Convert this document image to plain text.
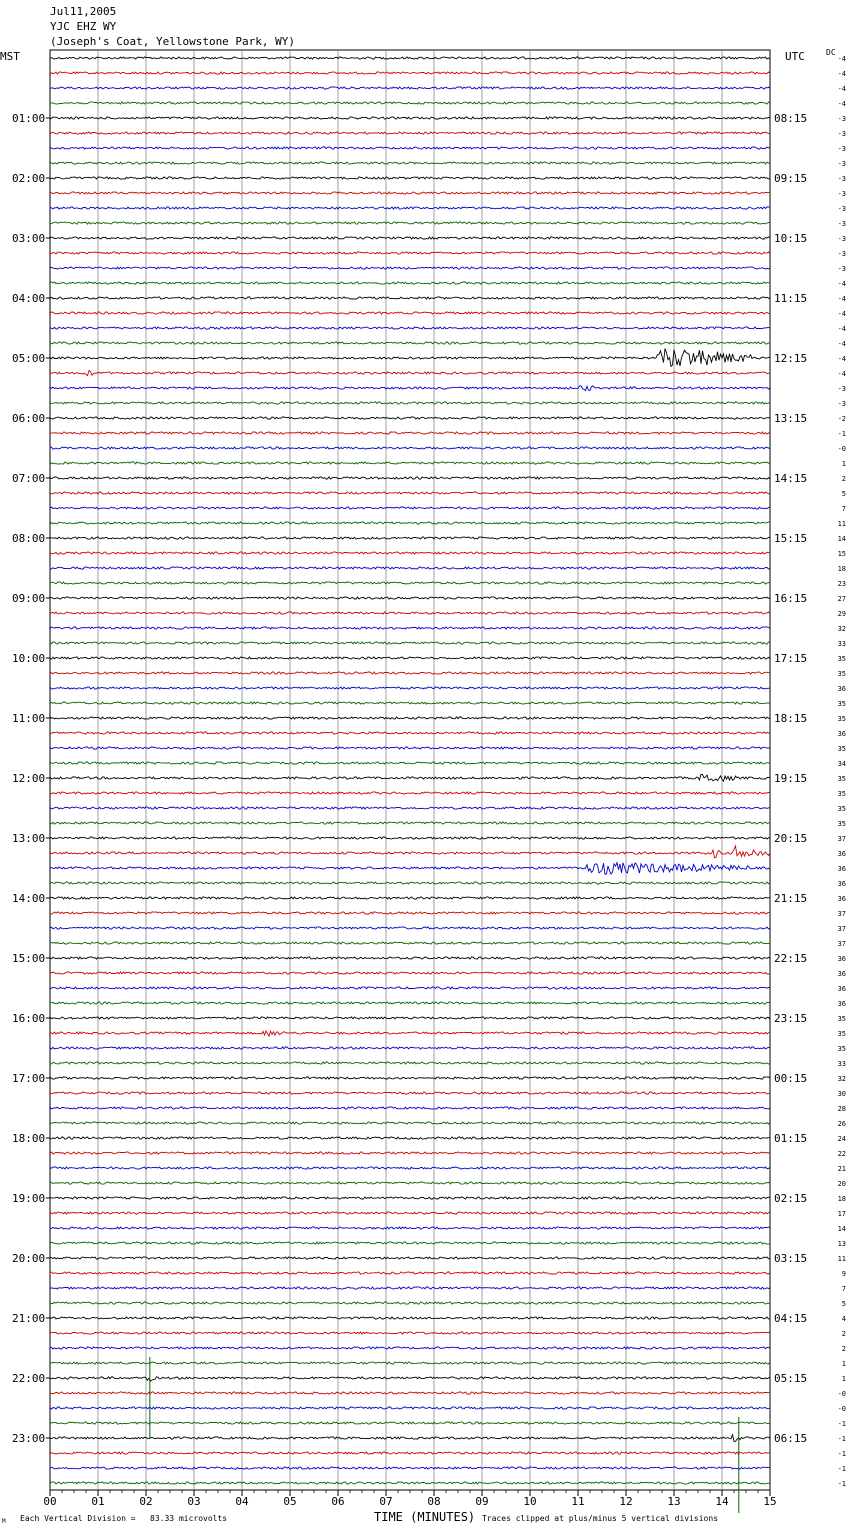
Jul11,2005
YJC EHZ WY
(Joseph's Coat, Yellowstone Park, WY)
MST	UTC	DC
01:00
02:00
03:00
04:00
05:00
06:00
07:00
08:00
09:00
10:00
11:00
12:00
13:00
14:00
15:00
16:00
17:00
18:00
19:00
20:00
21:00
22:00
23:00
08:15
09:15
10:15
11:15
12:15
13:15
14:15
15:15
16:15
17:15
18:15
19:15
20:15
21:15
22:15
23:15
00:15
01:15
02:15
03:15
04:15
05:15
06:15
-4
-4
-4
-4
-3
-3
-3
-3
-3
-3
-3
-3
-3
-3
-3
-4
-4
-4
-4
-4
-4
-4
-3
-3
-2
-1
-0
1
2
5
7
11
14
15
18
23
27
29
32
33
35
35
36
35
35
36
35
34
35
35
35
35
37
36
36
36
36
37
37
37
36
36
36
36
35
35
35
33
32
30
28
26
24
22
21
20
18
17
14
13
11
9
7
5
4
2
2
1
1
-0
-0
-1
-1
-1
-1
-1
00	01	02	03	04	05	06	07	08	09	10	11	12	13	14	15
Each Vertical Division =   83.33 microvolts	TIME (MINUTES) Traces clipped at plus/minus 5 vertical divisions
M
